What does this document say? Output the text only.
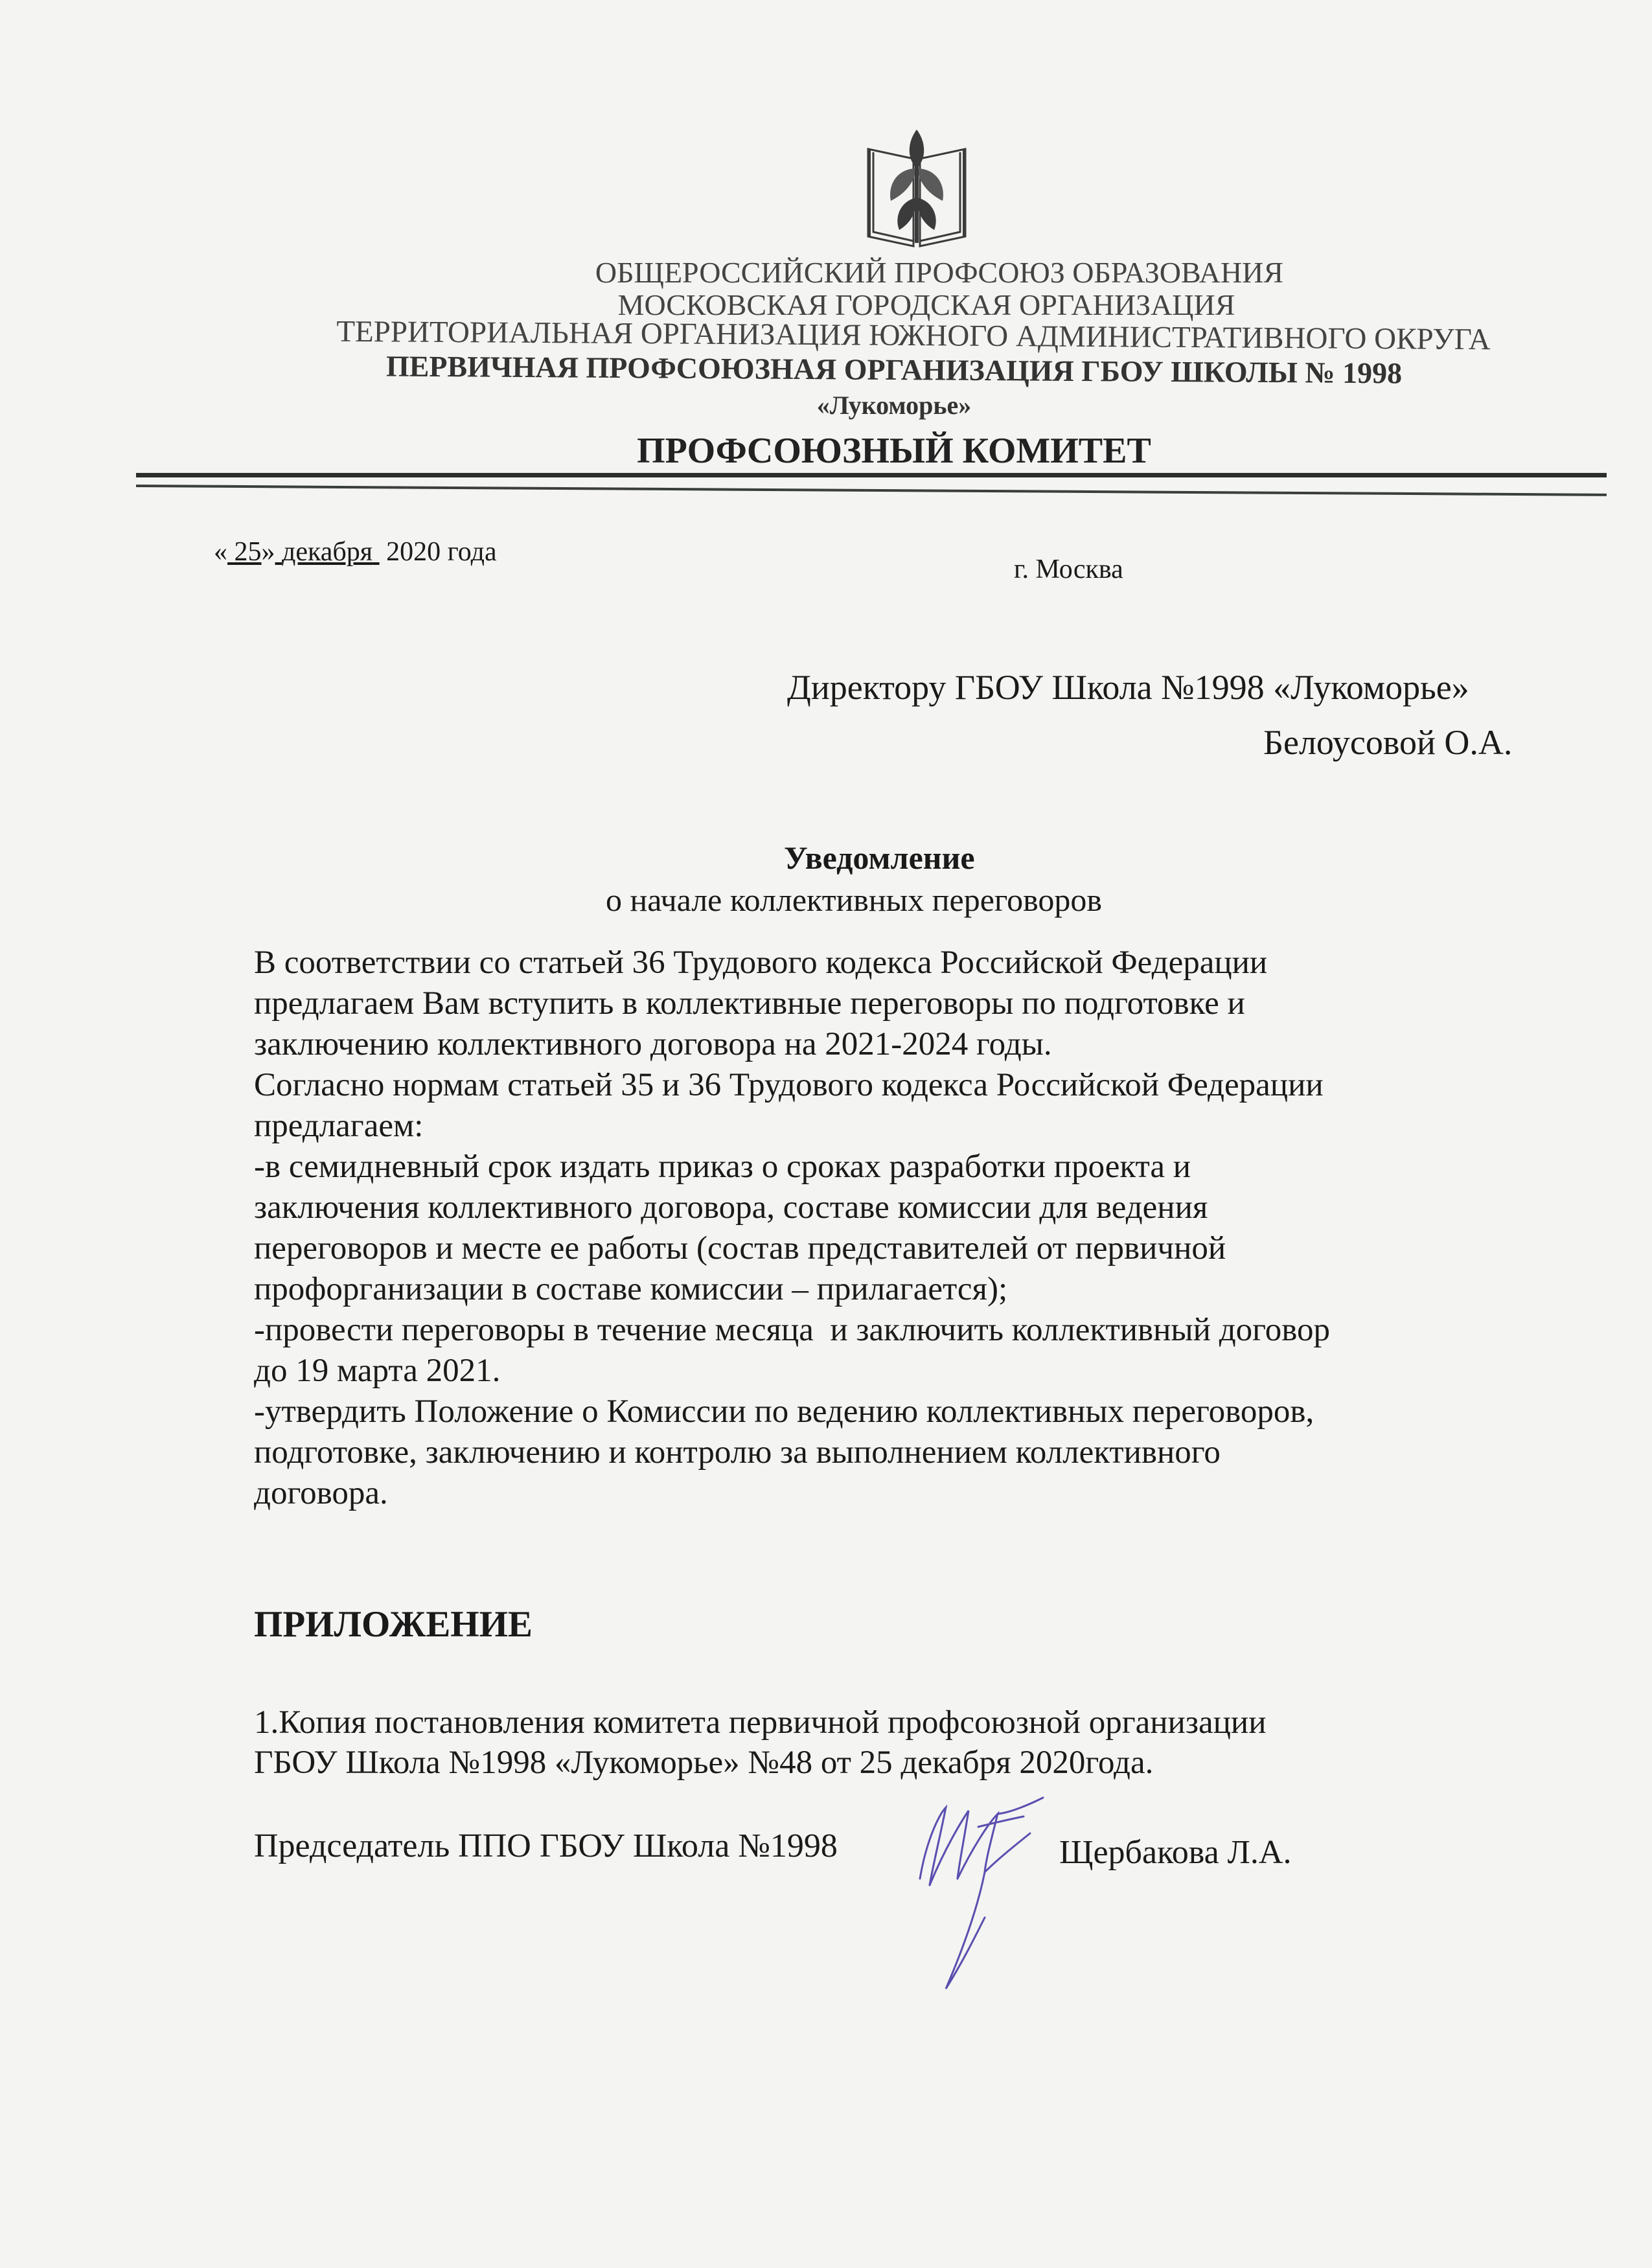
ОБЩЕРОССИЙСКИЙ ПРОФСОЮЗ ОБРАЗОВАНИЯ
МОСКОВСКАЯ ГОРОДСКАЯ ОРГАНИЗАЦИЯ
ТЕРРИТОРИАЛЬНАЯ ОРГАНИЗАЦИЯ ЮЖНОГО АДМИНИСТРАТИВНОГО ОКРУГА
ПЕРВИЧНАЯ ПРОФСОЮЗНАЯ ОРГАНИЗАЦИЯ ГБОУ ШКОЛЫ № 1998
«Лукоморье»
ПРОФСОЮЗНЫЙ КОМИТЕТ
« 25» декабря 2020 года
г. Москва
Директору ГБОУ Школа №1998 «Лукоморье»
Белоусовой О.А.
Уведомление
о начале коллективных переговоров

В соответствии со статьей 36 Трудового кодекса Российской Федерации

предлагаем Вам вступить в коллективные переговоры по подготовке и

заключению коллективного договора на 2021-2024 годы.

Согласно нормам статьей 35 и 36 Трудового кодекса Российской Федерации

предлагаем:

-в семидневный срок издать приказ о сроках разработки проекта и

заключения коллективного договора, составе комиссии для ведения

переговоров и месте ее работы (состав представителей от первичной

профорганизации в составе комиссии – прилагается);

-провести переговоры в течение месяца  и заключить коллективный договор

до 19 марта 2021.

-утвердить Положение о Комиссии по ведению коллективных переговоров,

подготовке, заключению и контролю за выполнением коллективного

договора.

ПРИЛОЖЕНИЕ

1.Копия постановления комитета первичной профсоюзной организации

ГБОУ Школа №1998 «Лукоморье» №48 от 25 декабря 2020года.

Председатель ППО ГБОУ Школа №1998	Щербакова Л.А.
